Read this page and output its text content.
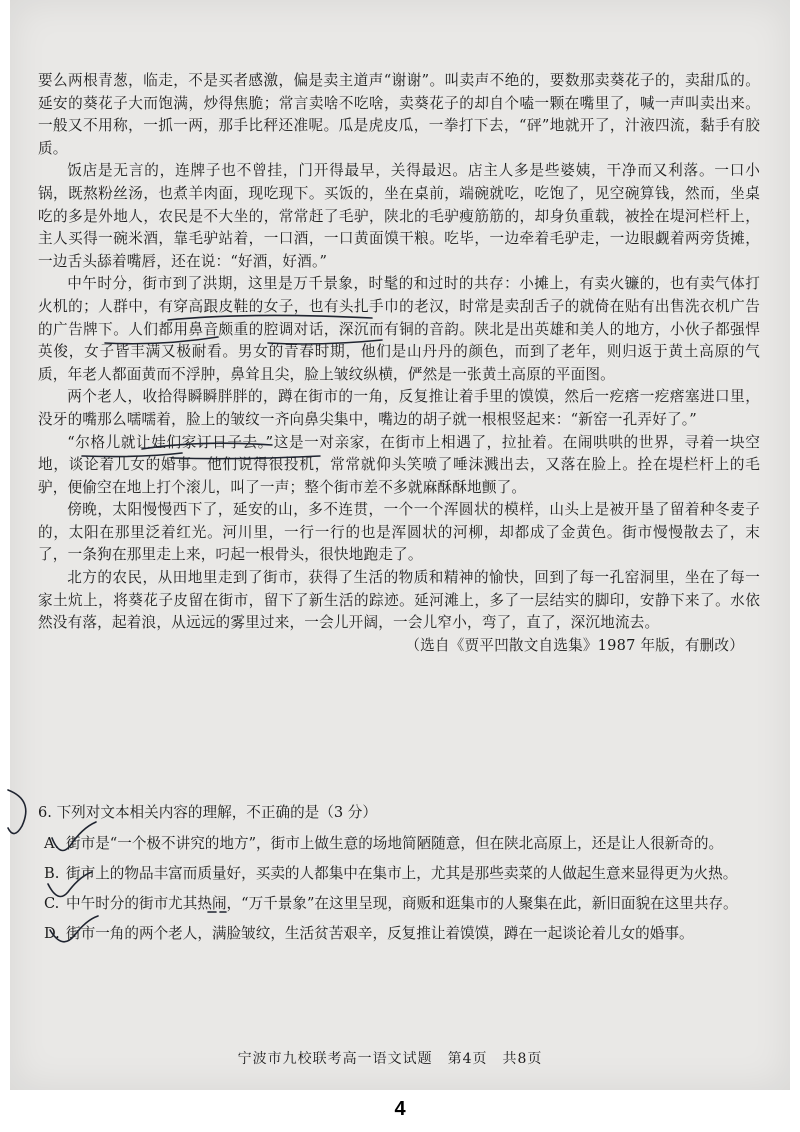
要么两根青葱，临走，不是买者感激，偏是卖主道声“谢谢”。叫卖声不绝的，要数那卖葵花子的，卖甜瓜的。延安的葵花子大而饱满，炒得焦脆；常言卖啥不吃啥，卖葵花子的却自个嗑一颗在嘴里了，喊一声叫卖出来。一般又不用称，一抓一两，那手比秤还准呢。瓜是虎皮瓜，一拳打下去，“砰”地就开了，汁液四流，黏手有胶质。

饭店是无言的，连牌子也不曾挂，门开得最早，关得最迟。店主人多是些婆姨，干净而又利落。一口小锅，既熬粉丝汤，也煮羊肉面，现吃现下。买饭的，坐在桌前，端碗就吃，吃饱了，见空碗算钱，然而，坐桌吃的多是外地人，农民是不大坐的，常常赶了毛驴，陕北的毛驴瘦筋筋的，却身负重载，被拴在堤河栏杆上，主人买得一碗米酒，靠毛驴站着，一口酒，一口黄面馍干粮。吃毕，一边牵着毛驴走，一边眼觑着两旁货摊，一边舌头舔着嘴唇，还在说：“好酒，好酒。”

中午时分，街市到了洪期，这里是万千景象，时髦的和过时的共存：小摊上，有卖火镰的，也有卖气体打火机的；人群中，有穿高跟皮鞋的女子，也有头扎手巾的老汉，时常是卖刮舌子的就倚在贴有出售洗衣机广告的广告牌下。人们都用鼻音颇重的腔调对话，深沉而有铜的音韵。陕北是出英雄和美人的地方，小伙子都强悍英俊，女子皆丰满又极耐看。男女的青春时期，他们是山丹丹的颜色，而到了老年，则归返于黄土高原的气质，年老人都面黄而不浮肿，鼻耸且尖，脸上皱纹纵横，俨然是一张黄土高原的平面图。

两个老人，收拾得瞬瞬胖胖的，蹲在街市的一角，反复推让着手里的馍馍，然后一疙瘩一疙瘩塞进口里，没牙的嘴那么嚅嚅着，脸上的皱纹一齐向鼻尖集中，嘴边的胡子就一根根竖起来：“新窑一孔弄好了。”

“尔格儿就让娃们家订日子去。”这是一对亲家，在街市上相遇了，拉扯着。在闹哄哄的世界，寻着一块空地，谈论着儿女的婚事。他们说得很投机，常常就仰头笑喷了唾沫溅出去，又落在脸上。拴在堤栏杆上的毛驴，便偷空在地上打个滚儿，叫了一声；整个街市差不多就麻酥酥地颤了。

傍晚，太阳慢慢西下了，延安的山，多不连贯，一个一个浑圆状的模样，山头上是被开垦了留着种冬麦子的，太阳在那里泛着红光。河川里，一行一行的也是浑圆状的河柳，却都成了金黄色。街市慢慢散去了，末了，一条狗在那里走上来，叼起一根骨头，很快地跑走了。

北方的农民，从田地里走到了街市，获得了生活的物质和精神的愉快，回到了每一孔窑洞里，坐在了每一家土炕上，将葵花子皮留在街市，留下了新生活的踪迹。延河滩上，多了一层结实的脚印，安静下来了。水依然没有落，起着浪，从远远的雾里过来，一会儿开阔，一会儿窄小，弯了，直了，深沉地流去。

（选自《贾平凹散文自选集》1987 年版，有删改）

6. 下列对文本相关内容的理解，不正确的是（3 分）

A. 街市是“一个极不讲究的地方”，街市上做生意的场地简陋随意，但在陕北高原上，还是让人很新奇的。

B. 街市上的物品丰富而质量好，买卖的人都集中在集市上，尤其是那些卖菜的人做起生意来显得更为火热。

C. 中午时分的街市尤其热闹，“万千景象”在这里呈现，商贩和逛集市的人聚集在此，新旧面貌在这里共存。

D. 街市一角的两个老人，满脸皱纹，生活贫苦艰辛，反复推让着馍馍，蹲在一起谈论着儿女的婚事。

宁波市九校联考高一语文试题　第4页　共8页
4
